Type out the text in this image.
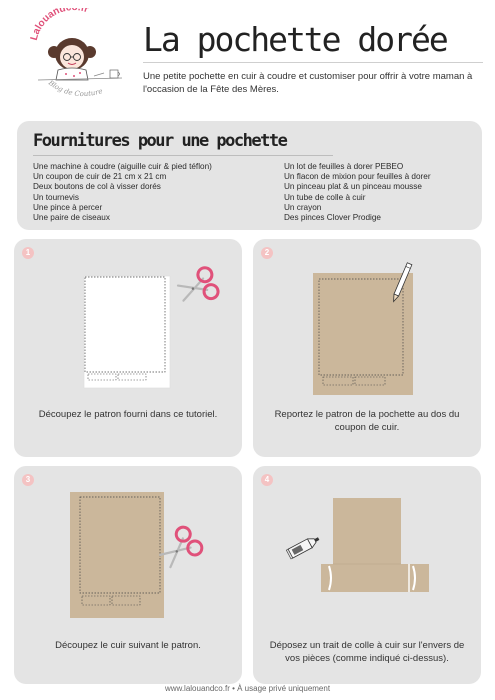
Lalouand fr
Blog de Couture
La pochette dorée

Une petite pochette en cuir à coudre et customiser pour offrir à votre maman à l'occasion de la Fête des Mères.

Fournitures pour une pochette
Une machine à coudre (aiguille cuir & pied téflon)
Un coupon de cuir de 21 cm x 21 cm
Deux boutons de col à visser dorés
Un tournevis
Une pince à percer
Une paire de ciseaux
Un lot de feuilles à dorer PEBEO
Un flacon de mixion pour feuilles à dorer
Un pinceau plat & un pinceau mousse
Un tube de colle à cuir
Un crayon
Des pinces Clover Prodige
1

Découpez le patron fourni dans ce tutoriel.

2

Reportez le patron de la pochette au dos du coupon de cuir.

3

Découpez le cuir suivant le patron.

4

Déposez un trait de colle à cuir sur l'envers de vos pièces (comme indiqué ci-dessus).

www.lalouandco.fr • À usage privé uniquement
